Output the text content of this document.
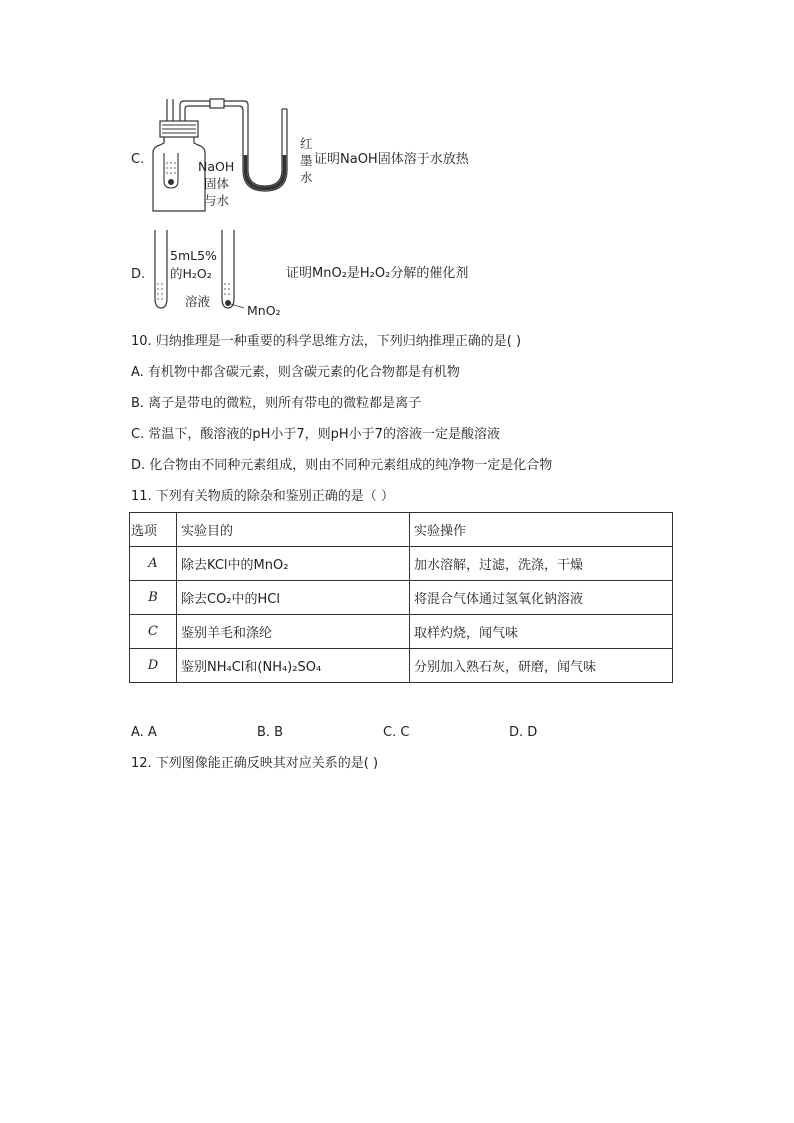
C.	NaOH
固体
与水
红
墨
水
证明NaOH固体溶于水放热
D.
5mL5%
的H₂O₂
溶液
MnO₂
证明MnO₂是H₂O₂分解的催化剂
10. 归纳推理是一种重要的科学思维方法，下列归纳推理正确的是( )
A. 有机物中都含碳元素，则含碳元素的化合物都是有机物
B. 离子是带电的微粒，则所有带电的微粒都是离子
C. 常温下，酸溶液的pH小于7，则pH小于7的溶液一定是酸溶液
D. 化合物由不同种元素组成，则由不同种元素组成的纯净物一定是化合物
11. 下列有关物质的除杂和鉴别正确的是（ ）
选项	实验目的	实验操作
A	除去KCl中的MnO₂	加水溶解，过滤，洗涤，干燥
B	除去CO₂中的HCl	将混合气体通过氢氧化钠溶液
C	鉴别羊毛和涤纶	取样灼烧，闻气味
D	鉴别NH₄Cl和(NH₄)₂SO₄	分别加入熟石灰，研磨，闻气味
A. A	B. B	C. C	D. D
12. 下列图像能正确反映其对应关系的是( )
